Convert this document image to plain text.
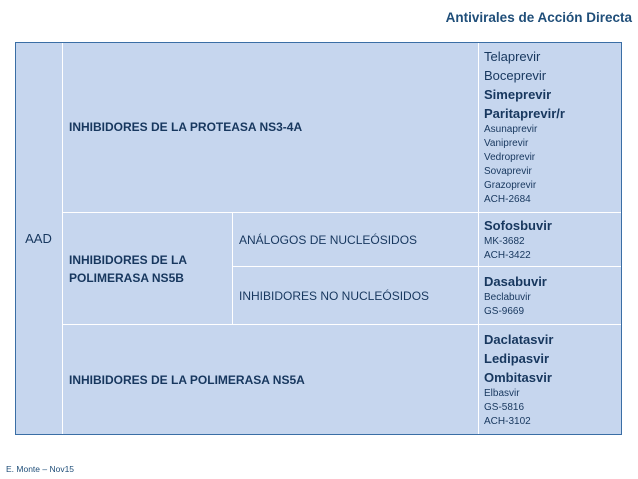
Antivirales de Acción Directa
AAD
INHIBIDORES DE LA PROTEASA NS3-4A
Telaprevir
Boceprevir
Simeprevir
Paritaprevir/r
Asunaprevir
Vaniprevir
Vedroprevir
Sovaprevir
Grazoprevir
ACH-2684
INHIBIDORES DE LA
POLIMERASA NS5B
ANÁLOGOS DE NUCLEÓSIDOS
Sofosbuvir
MK-3682
ACH-3422
INHIBIDORES NO NUCLEÓSIDOS
Dasabuvir
Beclabuvir
GS-9669
INHIBIDORES DE LA POLIMERASA NS5A
Daclatasvir
Ledipasvir
Ombitasvir
Elbasvir
GS-5816
ACH-3102
E. Monte – Nov15
